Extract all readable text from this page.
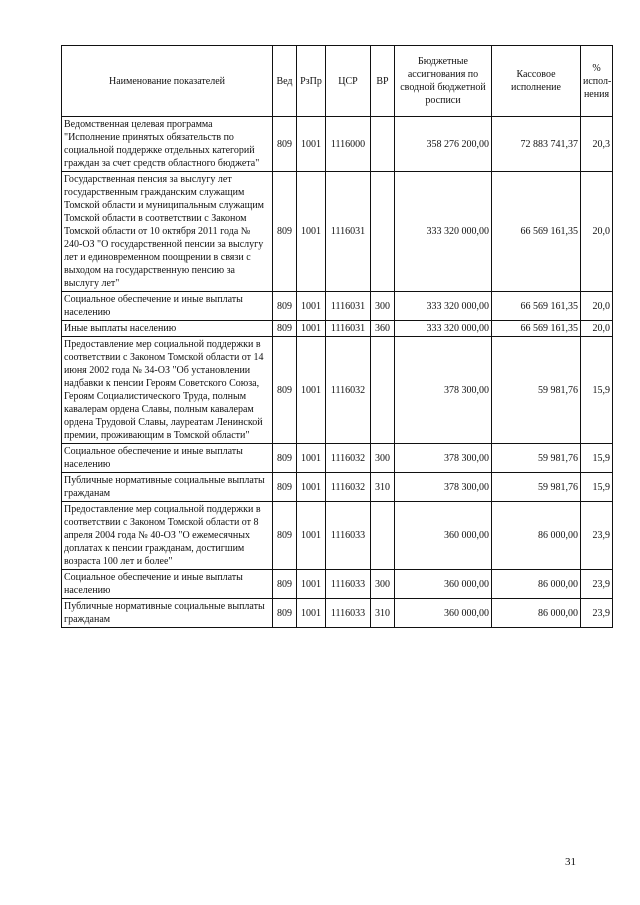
Наименование показателей	Вед	РзПр	ЦСР	ВР	Бюджетные ассигнования по сводной бюджетной росписи	Кассовое исполнение	% испол- нения
Ведомственная целевая программа "Исполнение принятых обязательств по социальной поддержке отдельных категорий граждан за счет средств областного бюджета"	809	1001	1116000		358 276 200,00	72 883 741,37	20,3
Государственная пенсия за выслугу лет государственным гражданским служащим Томской области и муниципальным служащим Томской области в соответствии с Законом Томской области от 10 октября 2011 года № 240-ОЗ "О государственной пенсии за выслугу лет и единовременном поощрении в связи с выходом на государственную пенсию за выслугу лет"	809	1001	1116031		333 320 000,00	66 569 161,35	20,0
Социальное обеспечение и иные выплаты населению	809	1001	1116031	300	333 320 000,00	66 569 161,35	20,0
Иные выплаты населению	809	1001	1116031	360	333 320 000,00	66 569 161,35	20,0
Предоставление мер социальной поддержки в соответствии с Законом Томской области от 14 июня 2002 года № 34-ОЗ "Об установлении надбавки к пенсии Героям Советского Союза, Героям Социалистического Труда, полным кавалерам ордена Славы, полным кавалерам ордена Трудовой Славы, лауреатам Ленинской премии, проживающим в Томской области"	809	1001	1116032		378 300,00	59 981,76	15,9
Социальное обеспечение и иные выплаты населению	809	1001	1116032	300	378 300,00	59 981,76	15,9
Публичные нормативные социальные выплаты гражданам	809	1001	1116032	310	378 300,00	59 981,76	15,9
Предоставление мер социальной поддержки в соответствии с Законом Томской области от 8 апреля 2004 года № 40-ОЗ "О ежемесячных доплатах к пенсии гражданам, достигшим возраста 100 лет и более"	809	1001	1116033		360 000,00	86 000,00	23,9
Социальное обеспечение и иные выплаты населению	809	1001	1116033	300	360 000,00	86 000,00	23,9
Публичные нормативные социальные выплаты гражданам	809	1001	1116033	310	360 000,00	86 000,00	23,9
31
